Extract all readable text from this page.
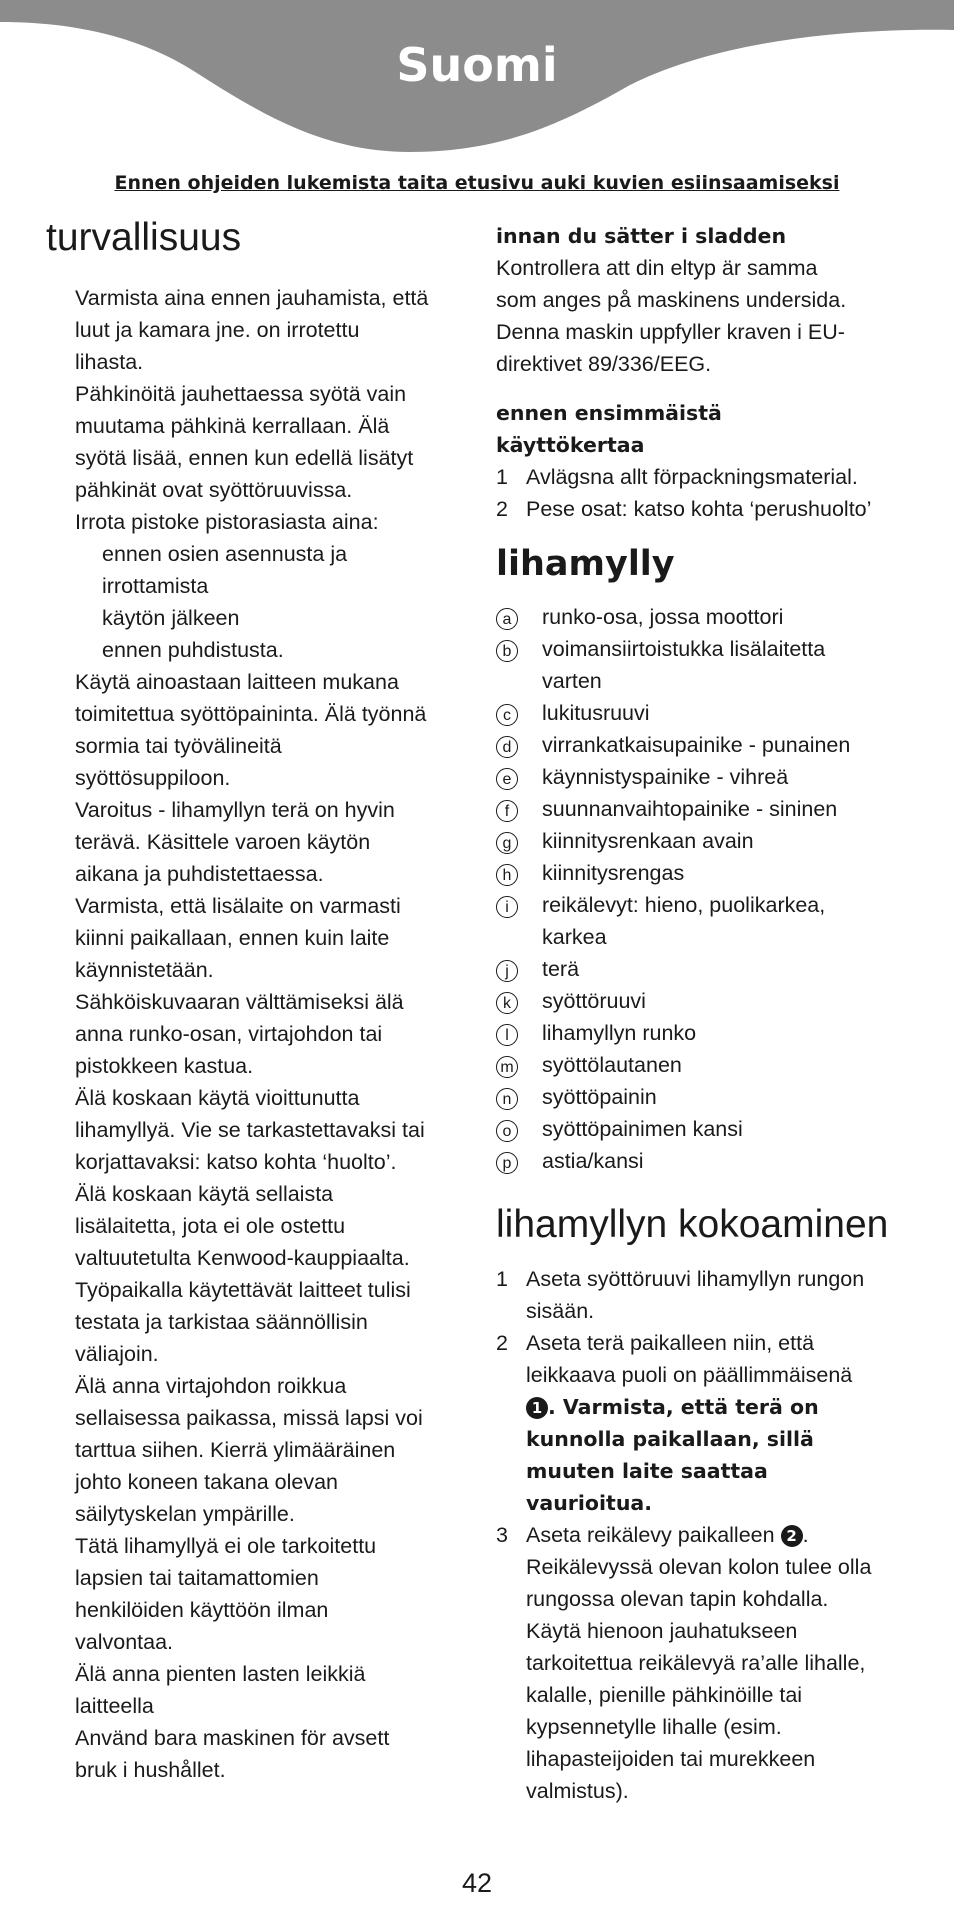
Suomi
Ennen ohjeiden lukemista taita etusivu auki kuvien esiinsaamiseksi
turvallisuus
Varmista aina ennen jauhamista, että
luut ja kamara jne. on irrotettu
lihasta.
Pähkinöitä jauhettaessa syötä vain
muutama pähkinä kerrallaan. Älä
syötä lisää, ennen kun edellä lisätyt
pähkinät ovat syöttöruuvissa.
Irrota pistoke pistorasiasta aina:
ennen osien asennusta ja
irrottamista
käytön jälkeen
ennen puhdistusta.
Käytä ainoastaan laitteen mukana
toimitettua syöttöpaininta. Älä työnnä
sormia tai työvälineitä
syöttösuppiloon.
Varoitus - lihamyllyn terä on hyvin
terävä. Käsittele varoen käytön
aikana ja puhdistettaessa.
Varmista, että lisälaite on varmasti
kiinni paikallaan, ennen kuin laite
käynnistetään.
Sähköiskuvaaran välttämiseksi älä
anna runko-osan, virtajohdon tai
pistokkeen kastua.
Älä koskaan käytä vioittunutta
lihamyllyä. Vie se tarkastettavaksi tai
korjattavaksi: katso kohta ‘huolto’.
Älä koskaan käytä sellaista
lisälaitetta, jota ei ole ostettu
valtuutetulta Kenwood-kauppiaalta.
Työpaikalla käytettävät laitteet tulisi
testata ja tarkistaa säännöllisin
väliajoin.
Älä anna virtajohdon roikkua
sellaisessa paikassa, missä lapsi voi
tarttua siihen. Kierrä ylimääräinen
johto koneen takana olevan
säilytyskelan ympärille.
Tätä lihamyllyä ei ole tarkoitettu
lapsien tai taitamattomien
henkilöiden käyttöön ilman
valvontaa.
Älä anna pienten lasten leikkiä
laitteella
Använd bara maskinen för avsett
bruk i hushållet.
innan du sätter i sladden
Kontrollera att din eltyp är samma
som anges på maskinens undersida.
Denna maskin uppfyller kraven i EU-
direktivet 89/336/EEG.
ennen ensimmäistä
käyttökertaa
1 Avlägsna allt förpackningsmaterial.
2 Pese osat: katso kohta ‘perushuolto’
lihamylly
a	runko-osa, jossa moottori
b	voimansiirtoistukka lisälaitetta
varten
c	lukitusruuvi
d	virrankatkaisupainike - punainen
e	käynnistyspainike - vihreä
f	suunnanvaihtopainike - sininen
g	kiinnitysrenkaan avain
h	kiinnitysrengas
i	reikälevyt: hieno, puolikarkea,
karkea
j	terä
k	syöttöruuvi
l	lihamyllyn runko
m	syöttölautanen
n	syöttöpainin
o	syöttöpainimen kansi
p	astia/kansi
lihamyllyn kokoaminen
1 Aseta syöttöruuvi lihamyllyn rungon
sisään.
2 Aseta terä paikalleen niin, että
leikkaava puoli on päällimmäisenä
1 . Varmista, että terä on
kunnolla paikallaan, sillä
muuten laite saattaa
vaurioitua.
3 Aseta reikälevy paikalleen 2 .
Reikälevyssä olevan kolon tulee olla
rungossa olevan tapin kohdalla.
Käytä hienoon jauhatukseen
tarkoitettua reikälevyä ra’alle lihalle,
kalalle, pienille pähkinöille tai
kypsennetylle lihalle (esim.
lihapasteijoiden tai murekkeen
valmistus).
42
